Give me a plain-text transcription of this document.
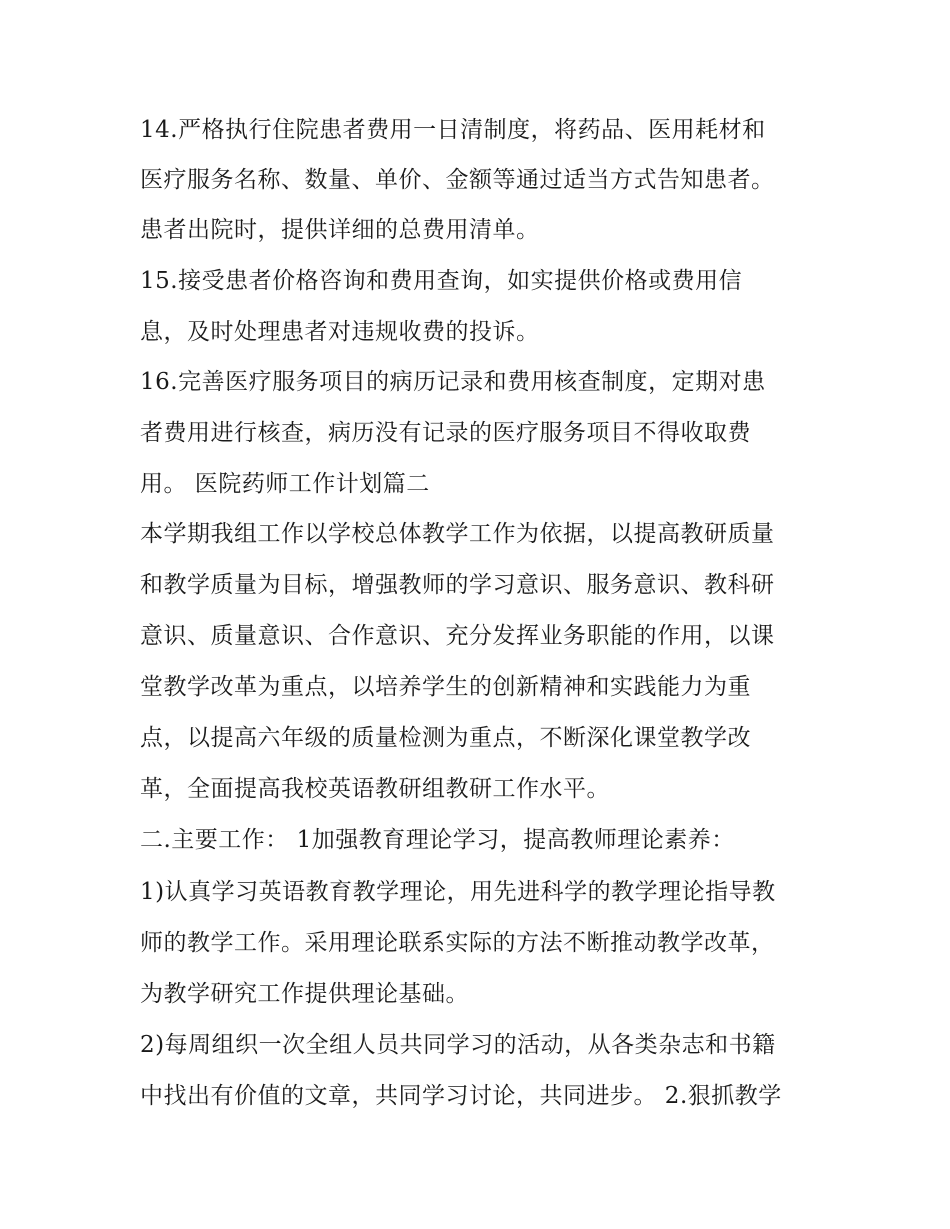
14.严格执行住院患者费用一日清制度，将药品、医用耗材和
医疗服务名称、数量、单价、金额等通过适当方式告知患者。
患者出院时，提供详细的总费用清单。
15.接受患者价格咨询和费用查询，如实提供价格或费用信
息，及时处理患者对违规收费的投诉。
16.完善医疗服务项目的病历记录和费用核查制度，定期对患
者费用进行核查，病历没有记录的医疗服务项目不得收取费
用。 医院药师工作计划篇二
本学期我组工作以学校总体教学工作为依据，以提高教研质量
和教学质量为目标，增强教师的学习意识、服务意识、教科研
意识、质量意识、合作意识、充分发挥业务职能的作用，以课
堂教学改革为重点，以培养学生的创新精神和实践能力为重
点，以提高六年级的质量检测为重点，不断深化课堂教学改
革，全面提高我校英语教研组教研工作水平。
二.主要工作： 1加强教育理论学习，提高教师理论素养：
1)认真学习英语教育教学理论，用先进科学的教学理论指导教
师的教学工作。采用理论联系实际的方法不断推动教学改革，
为教学研究工作提供理论基础。
2)每周组织一次全组人员共同学习的活动，从各类杂志和书籍
中找出有价值的文章，共同学习讨论，共同进步。 2.狠抓教学
